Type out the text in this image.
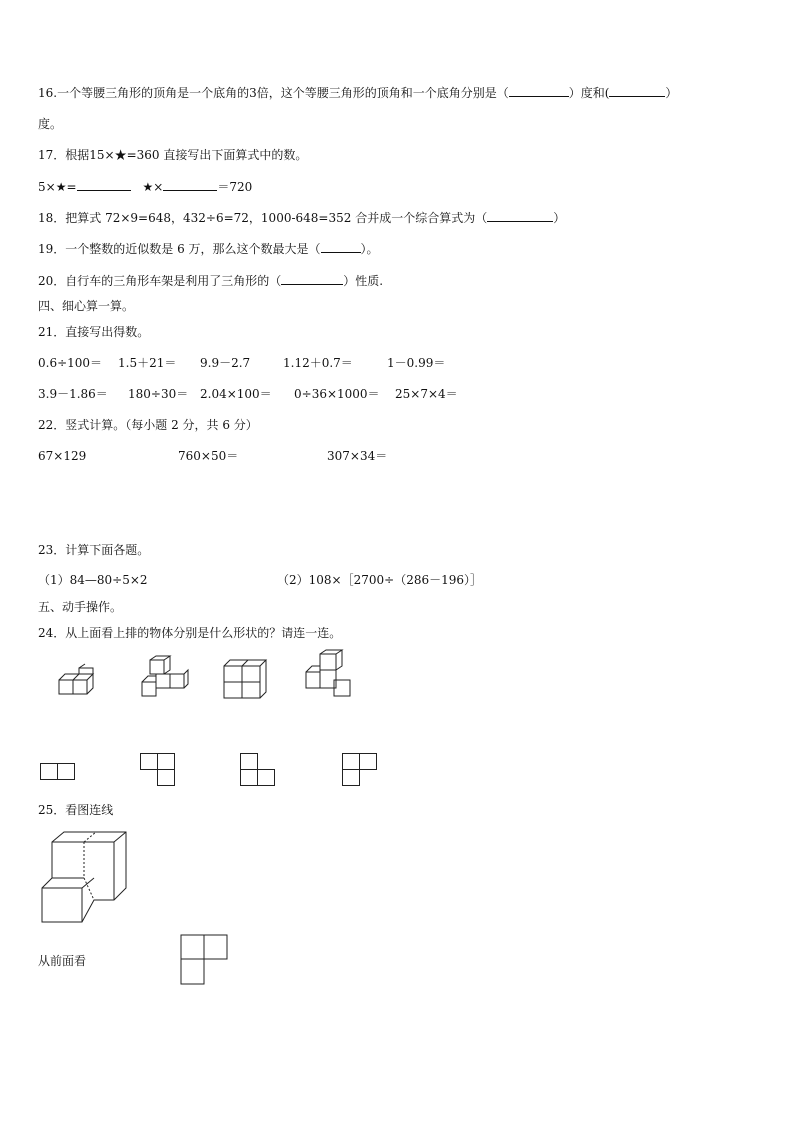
16.一个等腰三角形的顶角是一个底角的3倍，这个等腰三角形的顶角和一个底角分别是（	）度和(	）
度。
17．根据15×★=360 直接写出下面算式中的数。
5×★=	★×	＝720
18．把算式 72×9=648，432÷6=72，1000-648=352 合并成一个综合算式为（	）
19．一个整数的近似数是 6 万，那么这个数最大是（	）。
20．自行车的三角形车架是利用了三角形的（	）性质.
四、细心算一算。
21．直接写出得数。
0.6÷100＝ 1.5＋21＝ 9.9－2.7	1.12＋0.7＝	1－0.99＝
3.9－1.86＝ 180÷30＝ 2.04×100＝ 0÷36×1000＝ 25×7×4＝
22．竖式计算。（每小题 2 分，共 6 分）
67×129	760×50＝	307×34＝
23．计算下面各题。
（1）84—80÷5×2	（2）108×［2700÷（286－196）］
五、动手操作。
24．从上面看上排的物体分别是什么形状的？请连一连。
25．看图连线
从前面看
